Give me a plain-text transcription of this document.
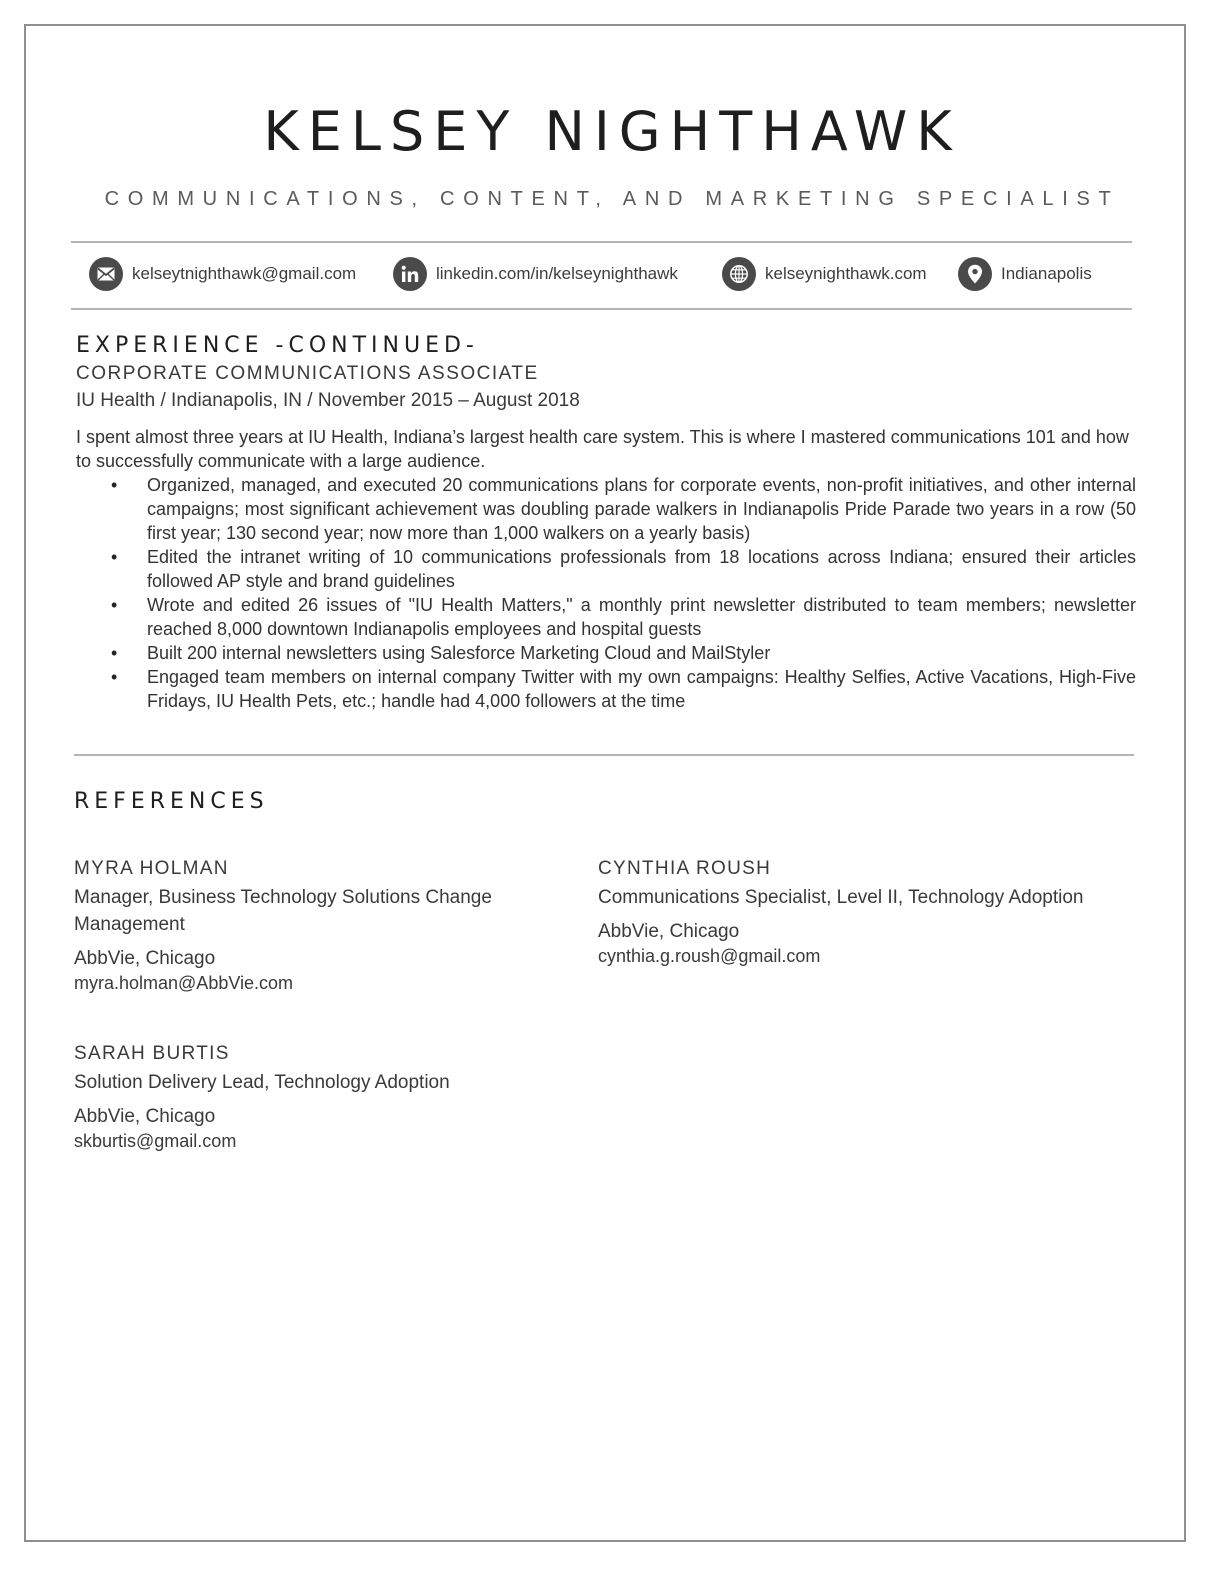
KELSEY NIGHTHAWK
COMMUNICATIONS, CONTENT, AND MARKETING SPECIALIST
kelseytnighthawk@gmail.com	linkedin.com/in/kelseynighthawk	kelseynighthawk.com	Indianapolis
EXPERIENCE -CONTINUED-
CORPORATE COMMUNICATIONS ASSOCIATE
IU Health / Indianapolis, IN / November 2015 – August 2018

I spent almost three years at IU Health, Indiana’s largest health care system. This is where I mastered communications 101 and how to successfully communicate with a large audience.

• Organized, managed, and executed 20 communications plans for corporate events, non-profit initiatives, and other internal campaigns; most significant achievement was doubling parade walkers in Indianapolis Pride Parade two years in a row (50 first year; 130 second year; now more than 1,000 walkers on a yearly basis)
• Edited the intranet writing of 10 communications professionals from 18 locations across Indiana; ensured their articles followed AP style and brand guidelines
• Wrote and edited 26 issues of "IU Health Matters," a monthly print newsletter distributed to team members; newsletter reached 8,000 downtown Indianapolis employees and hospital guests
• Built 200 internal newsletters using Salesforce Marketing Cloud and MailStyler
• Engaged team members on internal company Twitter with my own campaigns: Healthy Selfies, Active Vacations, High-Five Fridays, IU Health Pets, etc.; handle had 4,000 followers at the time
REFERENCES
MYRA HOLMAN
Manager, Business Technology Solutions Change Management
AbbVie, Chicago
myra.holman@AbbVie.com
CYNTHIA ROUSH
Communications Specialist, Level II, Technology Adoption
AbbVie, Chicago
cynthia.g.roush@gmail.com
SARAH BURTIS
Solution Delivery Lead, Technology Adoption
AbbVie, Chicago
skburtis@gmail.com
